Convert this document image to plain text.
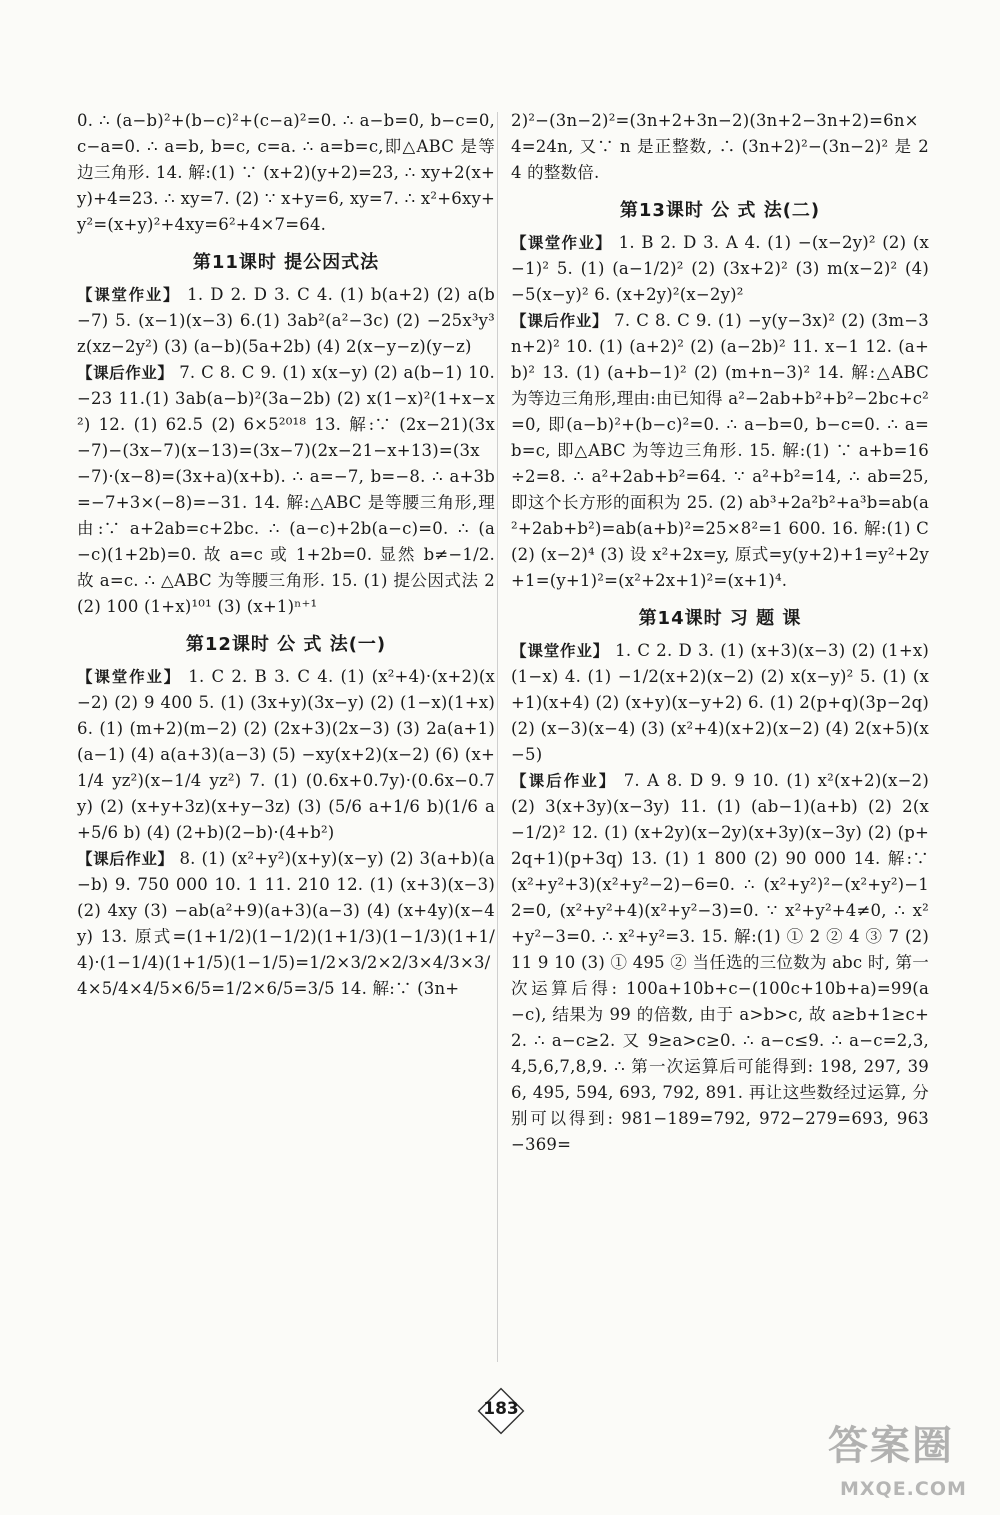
0. ∴ (a−b)²+(b−c)²+(c−a)²=0. ∴ a−b=0, b−c=0, c−a=0. ∴ a=b, b=c, c=a. ∴ a=b=c,即△ABC 是等边三角形. 14. 解:(1) ∵ (x+2)(y+2)=23, ∴ xy+2(x+y)+4=23. ∴ xy=7. (2) ∵ x+y=6, xy=7. ∴ x²+6xy+y²=(x+y)²+4xy=6²+4×7=64.

第11课时 提公因式法

【课堂作业】 1. D 2. D 3. C 4. (1) b(a+2) (2) a(b−7) 5. (x−1)(x−3) 6.(1) 3ab²(a²−3c) (2) −25x³y³z(xz−2y²) (3) (a−b)(5a+2b) (4) 2(x−y−z)(y−z)

【课后作业】 7. C 8. C 9. (1) x(x−y) (2) a(b−1) 10. −23 11.(1) 3ab(a−b)²(3a−2b) (2) x(1−x)²(1+x−x²) 12. (1) 62.5 (2) 6×5²⁰¹⁸ 13. 解:∵ (2x−21)(3x−7)−(3x−7)(x−13)=(3x−7)(2x−21−x+13)=(3x−7)·(x−8)=(3x+a)(x+b). ∴ a=−7, b=−8. ∴ a+3b=−7+3×(−8)=−31. 14. 解:△ABC 是等腰三角形,理由:∵ a+2ab=c+2bc. ∴ (a−c)+2b(a−c)=0. ∴ (a−c)(1+2b)=0. 故 a=c 或 1+2b=0. 显然 b≠−1/2. 故 a=c. ∴ △ABC 为等腰三角形. 15. (1) 提公因式法 2 (2) 100 (1+x)¹⁰¹ (3) (x+1)ⁿ⁺¹

第12课时 公 式 法(一)

【课堂作业】 1. C 2. B 3. C 4. (1) (x²+4)·(x+2)(x−2) (2) 9 400 5. (1) (3x+y)(3x−y) (2) (1−x)(1+x) 6. (1) (m+2)(m−2) (2) (2x+3)(2x−3) (3) 2a(a+1)(a−1) (4) a(a+3)(a−3) (5) −xy(x+2)(x−2) (6) (x+1/4 yz²)(x−1/4 yz²) 7. (1) (0.6x+0.7y)·(0.6x−0.7y) (2) (x+y+3z)(x+y−3z) (3) (5/6 a+1/6 b)(1/6 a+5/6 b) (4) (2+b)(2−b)·(4+b²)

【课后作业】 8. (1) (x²+y²)(x+y)(x−y) (2) 3(a+b)(a−b) 9. 750 000 10. 1 11. 210 12. (1) (x+3)(x−3) (2) 4xy (3) −ab(a²+9)(a+3)(a−3) (4) (x+4y)(x−4y) 13. 原式=(1+1/2)(1−1/2)(1+1/3)(1−1/3)(1+1/4)·(1−1/4)(1+1/5)(1−1/5)=1/2×3/2×2/3×4/3×3/4×5/4×4/5×6/5=1/2×6/5=3/5 14. 解:∵ (3n+

2)²−(3n−2)²=(3n+2+3n−2)(3n+2−3n+2)=6n×4=24n, 又∵ n 是正整数, ∴ (3n+2)²−(3n−2)² 是 24 的整数倍.

第13课时 公 式 法(二)

【课堂作业】 1. B 2. D 3. A 4. (1) −(x−2y)² (2) (x−1)² 5. (1) (a−1/2)² (2) (3x+2)² (3) m(x−2)² (4) −5(x−y)² 6. (x+2y)²(x−2y)²

【课后作业】 7. C 8. C 9. (1) −y(y−3x)² (2) (3m−3n+2)² 10. (1) (a+2)² (2) (a−2b)² 11. x−1 12. (a+b)² 13. (1) (a+b−1)² (2) (m+n−3)² 14. 解:△ABC 为等边三角形,理由:由已知得 a²−2ab+b²+b²−2bc+c²=0, 即(a−b)²+(b−c)²=0. ∴ a−b=0, b−c=0. ∴ a=b=c, 即△ABC 为等边三角形. 15. 解:(1) ∵ a+b=16÷2=8. ∴ a²+2ab+b²=64. ∵ a²+b²=14, ∴ ab=25, 即这个长方形的面积为 25. (2) ab³+2a²b²+a³b=ab(a²+2ab+b²)=ab(a+b)²=25×8²=1 600. 16. 解:(1) C (2) (x−2)⁴ (3) 设 x²+2x=y, 原式=y(y+2)+1=y²+2y+1=(y+1)²=(x²+2x+1)²=(x+1)⁴.

第14课时 习 题 课

【课堂作业】 1. C 2. D 3. (1) (x+3)(x−3) (2) (1+x)(1−x) 4. (1) −1/2(x+2)(x−2) (2) x(x−y)² 5. (1) (x+1)(x+4) (2) (x+y)(x−y+2) 6. (1) 2(p+q)(3p−2q) (2) (x−3)(x−4) (3) (x²+4)(x+2)(x−2) (4) 2(x+5)(x−5)

【课后作业】 7. A 8. D 9. 9 10. (1) x²(x+2)(x−2) (2) 3(x+3y)(x−3y) 11. (1) (ab−1)(a+b) (2) 2(x−1/2)² 12. (1) (x+2y)(x−2y)(x+3y)(x−3y) (2) (p+2q+1)(p+3q) 13. (1) 1 800 (2) 90 000 14. 解:∵ (x²+y²+3)(x²+y²−2)−6=0. ∴ (x²+y²)²−(x²+y²)−12=0, (x²+y²+4)(x²+y²−3)=0. ∵ x²+y²+4≠0, ∴ x²+y²−3=0. ∴ x²+y²=3. 15. 解:(1) ① 2 ② 4 ③ 7 (2) 11 9 10 (3) ① 495 ② 当任选的三位数为 abc 时, 第一次运算后得: 100a+10b+c−(100c+10b+a)=99(a−c), 结果为 99 的倍数, 由于 a>b>c, 故 a≥b+1≥c+2. ∴ a−c≥2. 又 9≥a>c≥0. ∴ a−c≤9. ∴ a−c=2,3,4,5,6,7,8,9. ∴ 第一次运算后可能得到: 198, 297, 396, 495, 594, 693, 792, 891. 再让这些数经过运算, 分别可以得到: 981−189=792, 972−279=693, 963−369=

183
答案圈
MXQE.COM
